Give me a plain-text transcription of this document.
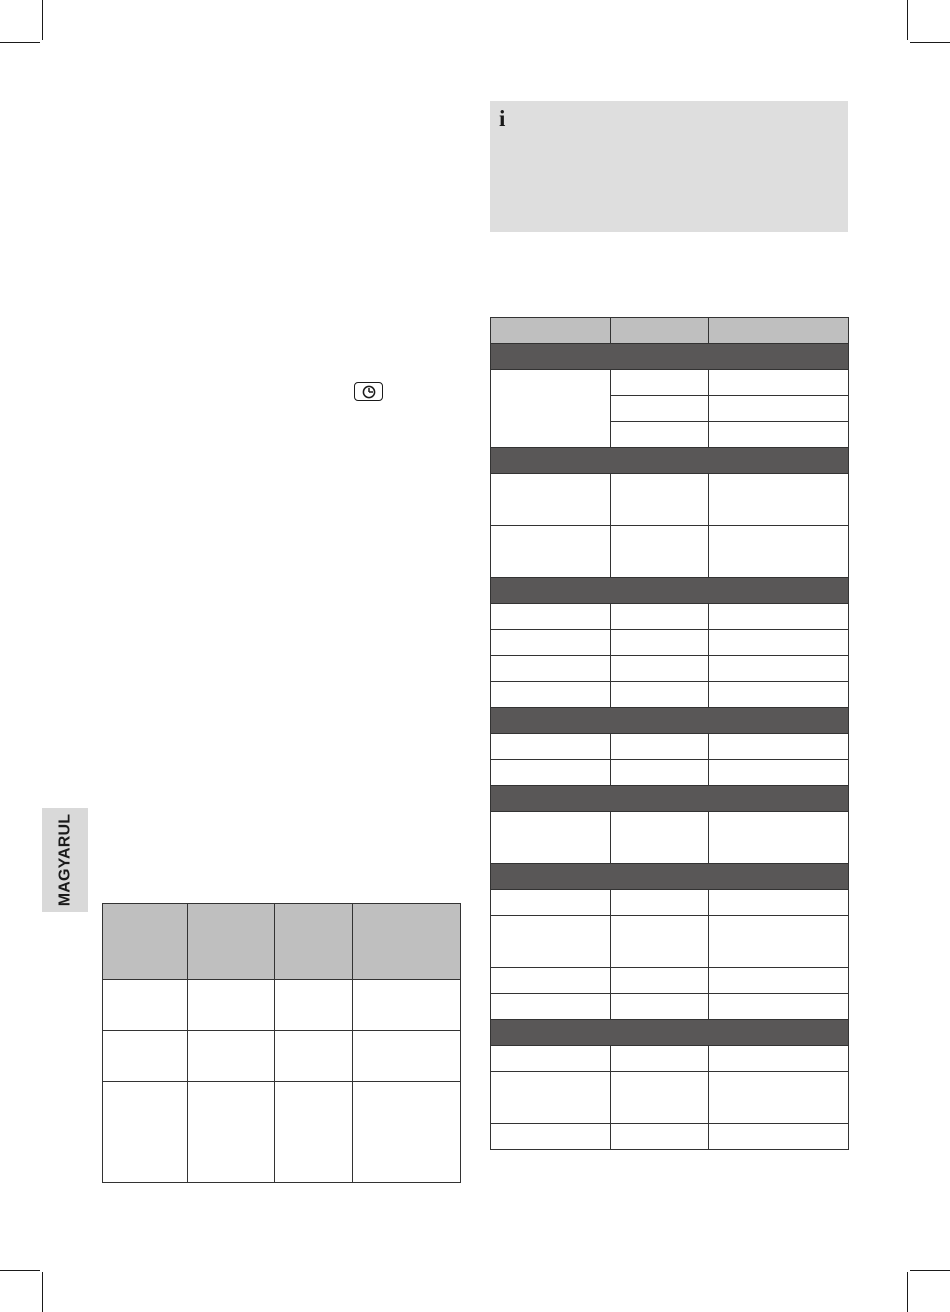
MAGYARUL
i
